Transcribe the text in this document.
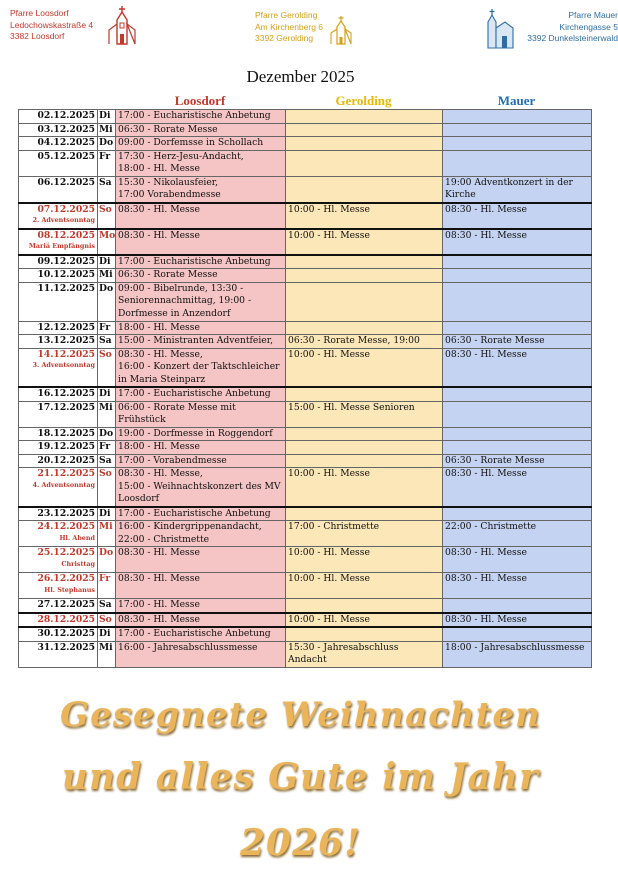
Pfarre Loosdorf
Ledochowskastraße 4
3382 Loosdorf
Pfarre Gerolding
Am Kirchenberg 6
3392 Gerolding
Pfarre Mauer
Kirchengasse 5
3392 Dunkelsteinerwald
Dezember 2025
Loosdorf	Gerolding	Mauer
02.12.2025	Di	17:00 - Eucharistische Anbetung		
03.12.2025	Mi	06:30 - Rorate Messe		
04.12.2025	Do	09:00 - Dorfemsse in Schollach		
05.12.2025	Fr	17:30 - Herz-Jesu-Andacht,
18:00 - Hl. Messe		
06.12.2025	Sa	15:30 - Nikolausfeier,
17:00 Vorabendmesse		19:00 Adventkonzert in der Kirche
07.12.2025
2. Adventsonntag	So	08:30 - Hl. Messe	10:00 - Hl. Messe	08:30 - Hl. Messe
08.12.2025
Mariä Empfängnis	Mo	08:30 - Hl. Messe	10:00 - Hl. Messe	08:30 - Hl. Messe
09.12.2025	Di	17:00 - Eucharistische Anbetung		
10.12.2025	Mi	06:30 - Rorate Messe		
11.12.2025	Do	09:00 - Bibelrunde, 13:30 - Seniorennachmittag, 19:00 - Dorfmesse in Anzendorf		
12.12.2025	Fr	18:00 - Hl. Messe		
13.12.2025	Sa	15:00 - Ministranten Adventfeier,	06:30 - Rorate Messe, 19:00	06:30 - Rorate Messe
14.12.2025
3. Adventsonntag	So	08:30 - Hl. Messe,
16:00 - Konzert der Taktschleicher in Maria Steinparz	10:00 - Hl. Messe	08:30 - Hl. Messe
16.12.2025	Di	17:00 - Eucharistische Anbetung		
17.12.2025	Mi	06:00 - Rorate Messe mit Frühstück	15:00 - Hl. Messe Senioren	
18.12.2025	Do	19:00 - Dorfmesse in Roggendorf		
19.12.2025	Fr	18:00 - Hl. Messe		
20.12.2025	Sa	17:00 - Vorabendmesse		06:30 - Rorate Messe
21.12.2025
4. Adventsonntag	So	08:30 - Hl. Messe,
15:00 - Weihnachtskonzert des MV Loosdorf	10:00 - Hl. Messe	08:30 - Hl. Messe
23.12.2025	Di	17:00 - Eucharistische Anbetung		
24.12.2025
Hl. Abend	Mi	16:00 - Kindergrippenandacht,
22:00 - Christmette	17:00 - Christmette	22:00 - Christmette
25.12.2025
Christtag	Do	08:30 - Hl. Messe	10:00 - Hl. Messe	08:30 - Hl. Messe
26.12.2025
Hl. Stephanus	Fr	08:30 - Hl. Messe	10:00 - Hl. Messe	08:30 - Hl. Messe
27.12.2025	Sa	17:00 - Hl. Messe		
28.12.2025	So	08:30 - Hl. Messe	10:00 - Hl. Messe	08:30 - Hl. Messe
30.12.2025	Di	17:00 - Eucharistische Anbetung		
31.12.2025	Mi	16:00 - Jahresabschlussmesse	15:30 - Jahresabschluss Andacht	18:00 - Jahresabschlussmesse
Gesegnete Weihnachten
und alles Gute im Jahr 2026!
